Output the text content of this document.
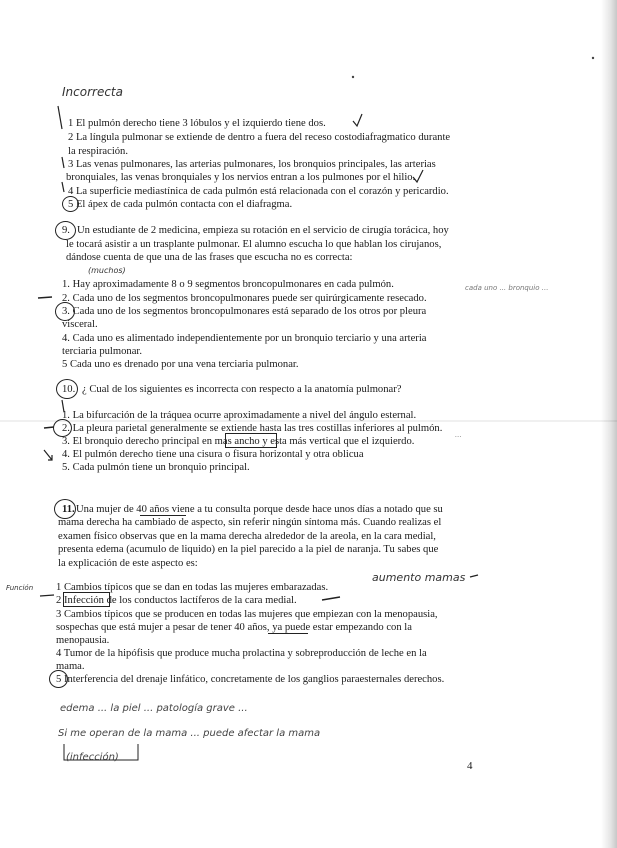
Incorrecta
1 El pulmón derecho tiene 3 lóbulos y el izquierdo tiene dos.
2 La língula pulmonar se extiende de dentro a fuera del receso costodiafragmatico durante
la respiración.
3 Las venas pulmonares, las arterias pulmonares, los bronquios principales, las arterias
bronquiales, las venas bronquiales y los nervios entran a los pulmones por el hilio.
4 La superficie mediastínica de cada pulmón está relacionada con el corazón y pericardio.
5 El ápex de cada pulmón contacta con el diafragma.
9. Un estudiante de 2 medicina, empieza su rotación en el servicio de cirugía torácica, hoy
le tocará asistir a un trasplante pulmonar. El alumno escucha lo que hablan los cirujanos,
dándose cuenta de que una de las frases que escucha no es correcta:
(muchos)
1. Hay aproximadamente 8 o 9 segmentos broncopulmonares en cada pulmón.
2. Cada uno de los segmentos broncopulmonares puede ser quirúrgicamente resecado.
cada uno ... bronquio ...
3. Cada uno de los segmentos broncopulmonares está separado de los otros por pleura
visceral.
4. Cada uno es alimentado independientemente por un bronquio terciario y una arteria
terciaria pulmonar.
5 Cada uno es drenado por una vena terciaria pulmonar.
10. ¿ Cual de los siguientes es incorrecta con respecto a la anatomía pulmonar?
1. La bifurcación de la tráquea ocurre aproximadamente a nivel del ángulo esternal.
2. La pleura parietal generalmente se extiende hasta las tres costillas inferiores al pulmón.
3. El bronquio derecho principal en mas ancho y esta más vertical que el izquierdo.
...
4. El pulmón derecho tiene una cisura o fisura horizontal y otra oblicua
5. Cada pulmón tiene un bronquio principal.
11. Una mujer de 40 años viene a tu consulta porque desde hace unos días a notado que su
mama derecha ha cambiado de aspecto, sin referir ningún síntoma más. Cuando realizas el
examen físico observas que en la mama derecha alrededor de la areola, en la cara medial,
presenta edema (acumulo de liquido) en la piel parecido a la piel de naranja. Tu sabes que
la explicación de este aspecto es:
Función 1 Cambios típicos que se dan en todas las mujeres embarazadas.
aumento mamas
2 Infección de los conductos lactíferos de la cara medial.
3 Cambios típicos que se producen en todas las mujeres que empiezan con la menopausia,
sospechas que está mujer a pesar de tener 40 años, ya puede estar empezando con la
menopausia.
4 Tumor de la hipófisis que produce mucha prolactina y sobreproducción de leche en la
mama.
5 Interferencia del drenaje linfático, concretamente de los ganglios paraesternales derechos.
edema ... la piel ... patología grave ...
Si me operan de la mama ... puede afectar la mama
(infección)
4
